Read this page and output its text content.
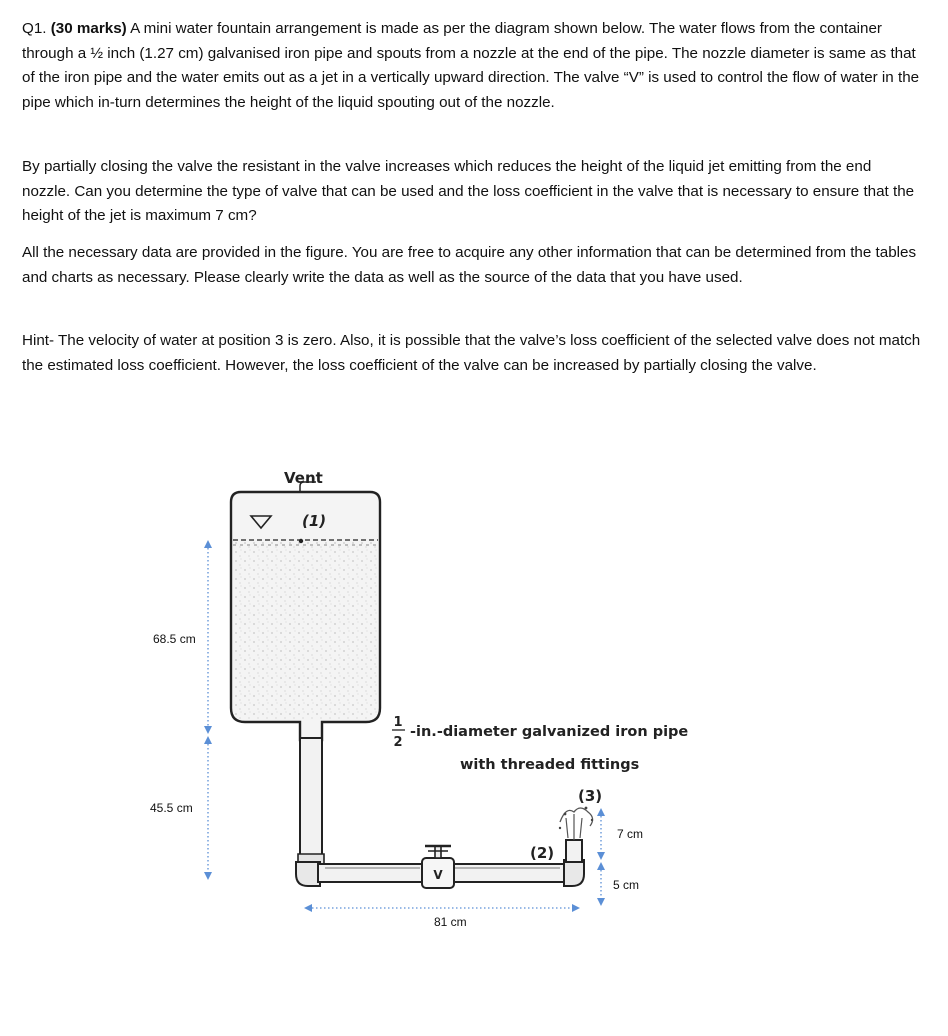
Q1. (30 marks) A mini water fountain arrangement is made as per the diagram shown below. The water flows from the container through a ½ inch (1.27 cm) galvanised iron pipe and spouts from a nozzle at the end of the pipe. The nozzle diameter is same as that of the iron pipe and the water emits out as a jet in a vertically upward direction. The valve “V” is used to control the flow of water in the pipe which in-turn determines the height of the liquid spouting out of the nozzle.
By partially closing the valve the resistant in the valve increases which reduces the height of the liquid jet emitting from the end nozzle. Can you determine the type of valve that can be used and the loss coefficient in the valve that is necessary to ensure that the height of the jet is maximum 7 cm?
All the necessary data are provided in the figure. You are free to acquire any other information that can be determined from the tables and charts as necessary. Please clearly write the data as well as the source of the data that you have used.
Hint- The velocity of water at position 3 is zero. Also, it is possible that the valve’s loss coefficient of the selected valve does not match the estimated loss coefficient. However, the loss coefficient of the valve can be increased by partially closing the valve.
Vent
(1)
V
(3)
(2)
1
2
-in.-diameter galvanized iron pipe
with threaded fittings
68.5 cm
45.5 cm
81 cm
7 cm
5 cm
